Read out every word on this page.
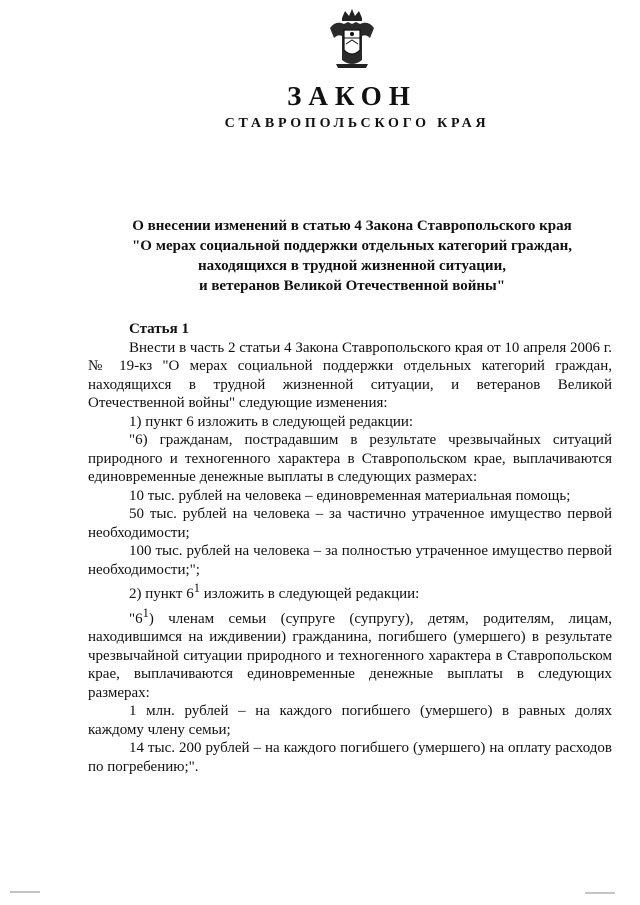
ЗАКОН
СТАВРОПОЛЬСКОГО КРАЯ
О внесении изменений в статью 4 Закона Ставропольского края
"О мерах социальной поддержки отдельных категорий граждан,
находящихся в трудной жизненной ситуации,
и ветеранов Великой Отечественной войны"
Статья 1

Внести в часть 2 статьи 4 Закона Ставропольского края от 10 апреля 2006 г. № 19-кз "О мерах социальной поддержки отдельных категорий граждан, находящихся в трудной жизненной ситуации, и ветеранов Великой Отечественной войны" следующие изменения:

1) пункт 6 изложить в следующей редакции:

"6) гражданам, пострадавшим в результате чрезвычайных ситуаций природного и техногенного характера в Ставропольском крае, выплачиваются единовременные денежные выплаты в следующих размерах:

10 тыс. рублей на человека – единовременная материальная помощь;

50 тыс. рублей на человека – за частично утраченное имущество первой необходимости;

100 тыс. рублей на человека – за полностью утраченное имущество первой необходимости;";

2) пункт $6^1$ изложить в следующей редакции:

"$6^1$) членам семьи (супруге (супругу), детям, родителям, лицам, находившимся на иждивении) гражданина, погибшего (умершего) в результате чрезвычайной ситуации природного и техногенного характера в Ставропольском крае, выплачиваются единовременные денежные выплаты в следующих размерах:

1 млн. рублей – на каждого погибшего (умершего) в равных долях каждому члену семьи;

14 тыс. 200 рублей – на каждого погибшего (умершего) на оплату расходов по погребению;".
